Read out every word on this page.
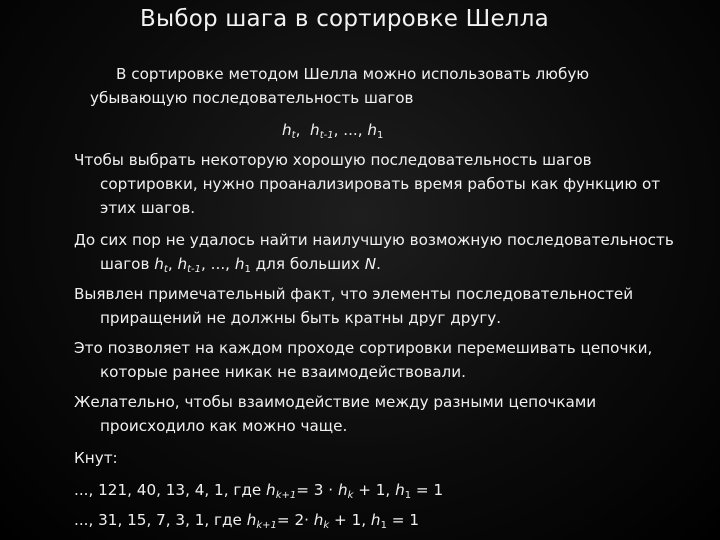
Выбор шага в сортировке Шелла
В сортировке методом Шелла можно использовать любую
убывающую последовательность шагов
$h_t$,  $h_{t-1}$, ..., $h_1$
Чтобы выбрать некоторую хорошую последовательность шагов
сортировки, нужно проанализировать время работы как функцию от
этих шагов.
До сих пор не удалось найти наилучшую возможную последовательность
шагов $h_t$, $h_{t-1}$, ..., $h_1$ для больших N.
Выявлен примечательный факт, что элементы последовательностей
приращений не должны быть кратны друг другу.
Это позволяет на каждом проходе сортировки перемешивать цепочки,
которые ранее никак не взаимодействовали.
Желательно, чтобы взаимодействие между разными цепочками
происходило как можно чаще.
Кнут:
..., 121, 40, 13, 4, 1, где $h_{k+1}= 3 \cdot h_k + 1$, $h_1 = 1$
..., 31, 15, 7, 3, 1, где $h_{k+1}= 2\cdot h_k + 1$, $h_1 = 1$
